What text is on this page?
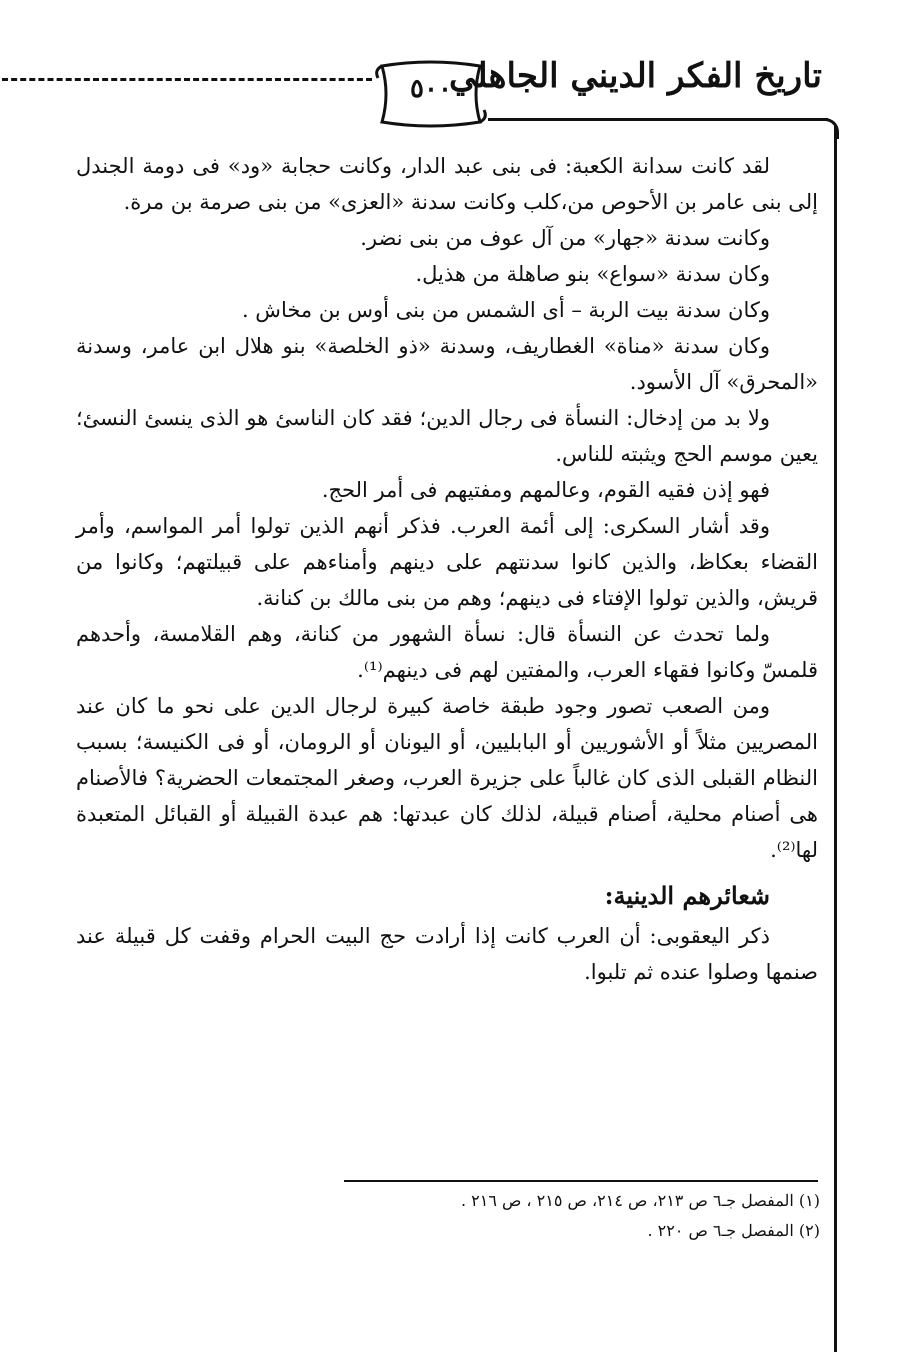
٥٠٠
تاريخ الفكر الديني الجاهلي

لقد كانت سدانة الكعبة: فى بنى عبد الدار، وكانت حجابة «ود» فى دومة الجندل إلى بنى عامر بن الأحوص من،كلب وكانت سدنة «العزى» من بنى صرمة بن مرة.

وكانت سدنة «جهار» من آل عوف من بنى نضر.

وكان سدنة «سواع» بنو صاهلة من هذيل.

وكان سدنة بيت الربة – أى الشمس من بنى أوس بن مخاش .

وكان سدنة «مناة» الغطاريف، وسدنة «ذو الخلصة» بنو هلال ابن عامر، وسدنة «المحرق» آل الأسود.

ولا بد من إدخال: النسأة فى رجال الدين؛ فقد كان الناسئ هو الذى ينسئ النسئ؛ يعين موسم الحج ويثبته للناس.

فهو إذن فقيه القوم، وعالمهم ومفتيهم فى أمر الحج.

وقد أشار السكرى: إلى أئمة العرب. فذكر أنهم الذين تولوا أمر المواسم، وأمر القضاء بعكاظ، والذين كانوا سدنتهم على دينهم وأمناءهم على قبيلتهم؛ وكانوا من قريش، والذين تولوا الإفتاء فى دينهم؛ وهم من بنى مالك بن كنانة.

ولما تحدث عن النسأة قال: نسأة الشهور من كنانة، وهم القلامسة، وأحدهم قلمسّ وكانوا فقهاء العرب، والمفتين لهم فى دينهم⁽¹⁾.

ومن الصعب تصور وجود طبقة خاصة كبيرة لرجال الدين على نحو ما كان عند المصريين مثلاً أو الأشوريين أو البابليين، أو اليونان أو الرومان، أو فى الكنيسة؛ بسبب النظام القبلى الذى كان غالباً على جزيرة العرب، وصغر المجتمعات الحضرية؟ فالأصنام هى أصنام محلية، أصنام قبيلة، لذلك كان عبدتها: هم عبدة القبيلة أو القبائل المتعبدة لها⁽²⁾.

شعائرهم الدينية:

ذكر اليعقوبى: أن العرب كانت إذا أرادت حج البيت الحرام وقفت كل قبيلة عند صنمها وصلوا عنده ثم تلبوا.

(١) المفصل جـ٦ ص ٢١٣، ص ٢١٤، ص ٢١٥ ، ص ٢١٦ .
(٢) المفصل جـ٦ ص ٢٢٠ .
